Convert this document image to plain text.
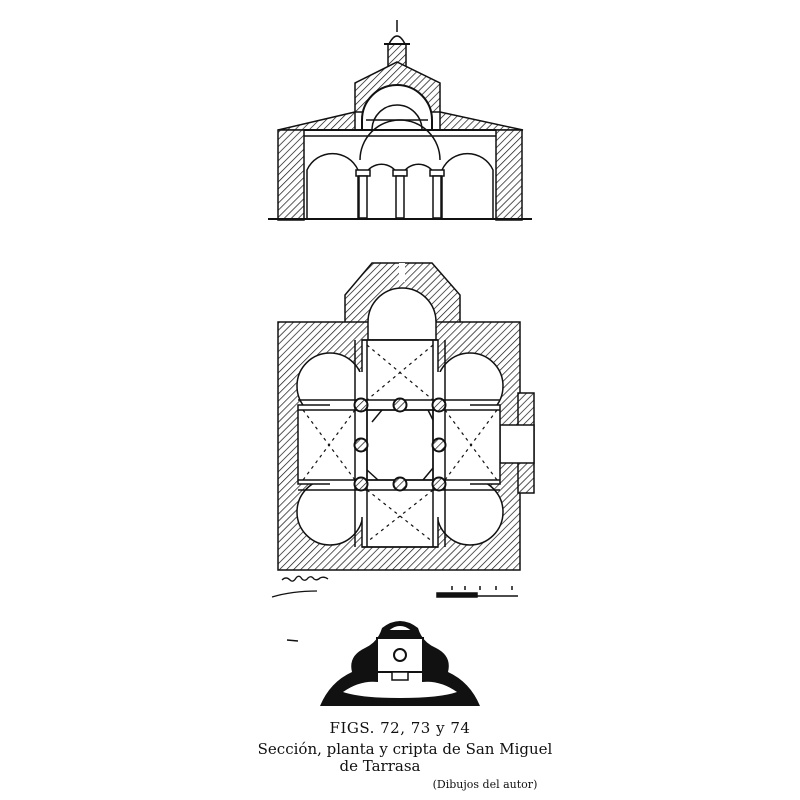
FIGS. 72, 73 y 74
Sección, planta y cripta de San Miguel
de Tarrasa
(Dibujos del autor)
